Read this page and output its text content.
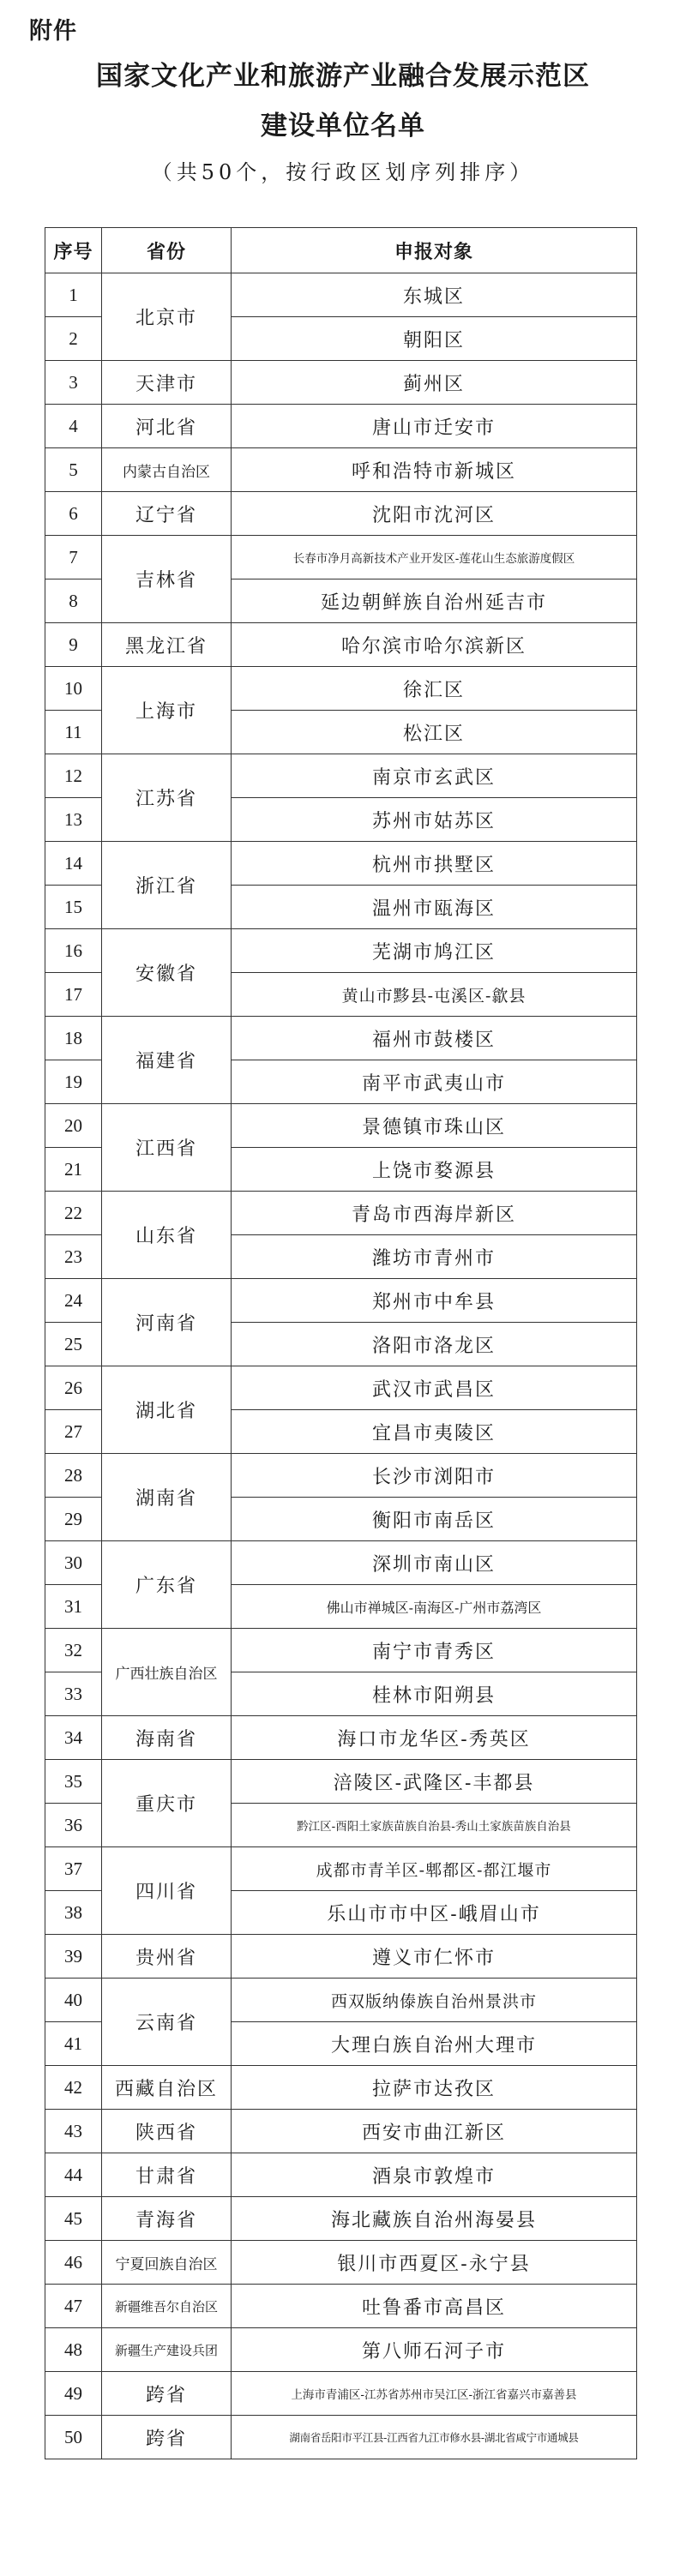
附件
国家文化产业和旅游产业融合发展示范区
建设单位名单
（共50个，按行政区划序列排序）
序号	省份	申报对象
1	北京市	东城区
2		朝阳区
3	天津市	蓟州区
4	河北省	唐山市迁安市
5	内蒙古自治区	呼和浩特市新城区
6	辽宁省	沈阳市沈河区
7	吉林省	长春市净月高新技术产业开发区-莲花山生态旅游度假区
8		延边朝鲜族自治州延吉市
9	黑龙江省	哈尔滨市哈尔滨新区
10	上海市	徐汇区
11		松江区
12	江苏省	南京市玄武区
13		苏州市姑苏区
14	浙江省	杭州市拱墅区
15		温州市瓯海区
16	安徽省	芜湖市鸠江区
17		黄山市黟县-屯溪区-歙县
18	福建省	福州市鼓楼区
19		南平市武夷山市
20	江西省	景德镇市珠山区
21		上饶市婺源县
22	山东省	青岛市西海岸新区
23		潍坊市青州市
24	河南省	郑州市中牟县
25		洛阳市洛龙区
26	湖北省	武汉市武昌区
27		宜昌市夷陵区
28	湖南省	长沙市浏阳市
29		衡阳市南岳区
30	广东省	深圳市南山区
31		佛山市禅城区-南海区-广州市荔湾区
32	广西壮族自治区	南宁市青秀区
33		桂林市阳朔县
34	海南省	海口市龙华区-秀英区
35	重庆市	涪陵区-武隆区-丰都县
36		黔江区-酉阳土家族苗族自治县-秀山土家族苗族自治县
37	四川省	成都市青羊区-郫都区-都江堰市
38		乐山市市中区-峨眉山市
39	贵州省	遵义市仁怀市
40	云南省	西双版纳傣族自治州景洪市
41		大理白族自治州大理市
42	西藏自治区	拉萨市达孜区
43	陕西省	西安市曲江新区
44	甘肃省	酒泉市敦煌市
45	青海省	海北藏族自治州海晏县
46	宁夏回族自治区	银川市西夏区-永宁县
47	新疆维吾尔自治区	吐鲁番市高昌区
48	新疆生产建设兵团	第八师石河子市
49	跨省	上海市青浦区-江苏省苏州市吴江区-浙江省嘉兴市嘉善县
50	跨省	湖南省岳阳市平江县-江西省九江市修水县-湖北省咸宁市通城县
